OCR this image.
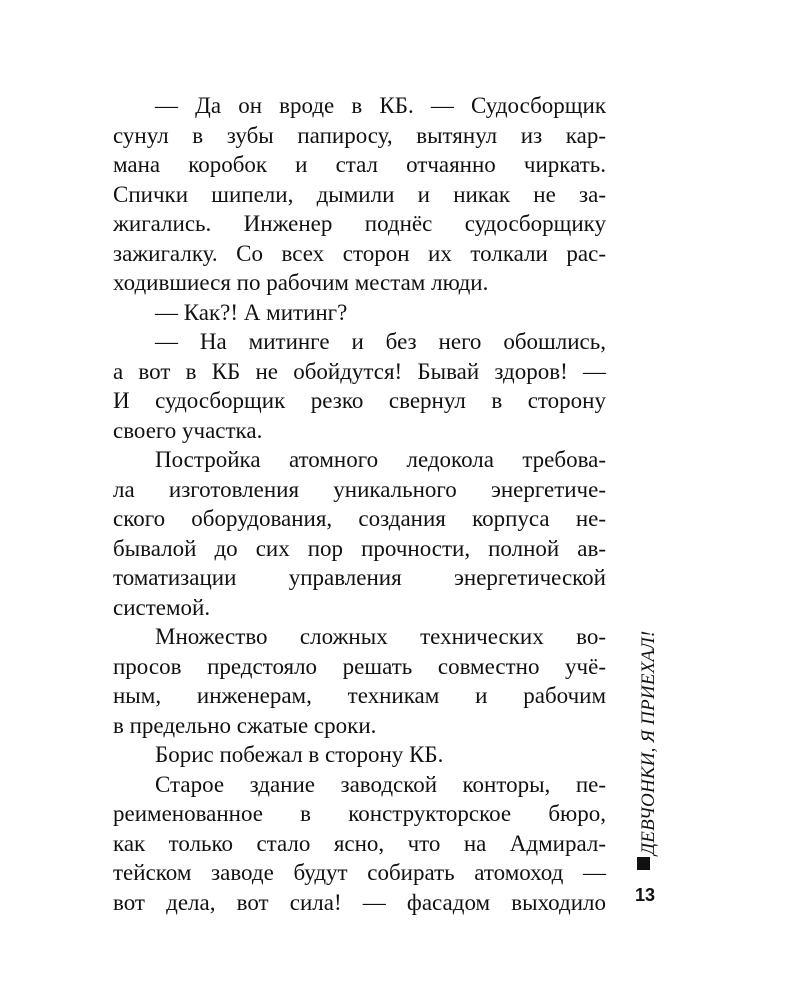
— Да он вроде в КБ. — Судосборщик
сунул в зубы папиросу, вытянул из кар-
мана коробок и стал отчаянно чиркать.
Спички шипели, дымили и никак не за-
жигались. Инженер поднёс судосборщику
зажигалку. Со всех сторон их толкали рас-
ходившиеся по рабочим местам люди.
— Как?! А митинг?
— На митинге и без него обошлись,
а вот в КБ не обойдутся! Бывай здоров! —
И судосборщик резко свернул в сторону
своего участка.
Постройка атомного ледокола требова-
ла изготовления уникального энергетиче-
ского оборудования, создания корпуса не-
бывалой до сих пор прочности, полной ав-
томатизации управления энергетической
системой.
Множество сложных технических во-
просов предстояло решать совместно учё-
ным, инженерам, техникам и рабочим
в предельно сжатые сроки.
Борис побежал в сторону КБ.
Старое здание заводской конторы, пе-
реименованное в конструкторское бюро,
как только стало ясно, что на Адмирал-
тейском заводе будут собирать атомоход —
вот дела, вот сила! — фасадом выходило
ДЕВЧОНКИ, Я ПРИЕХАЛ!
13
